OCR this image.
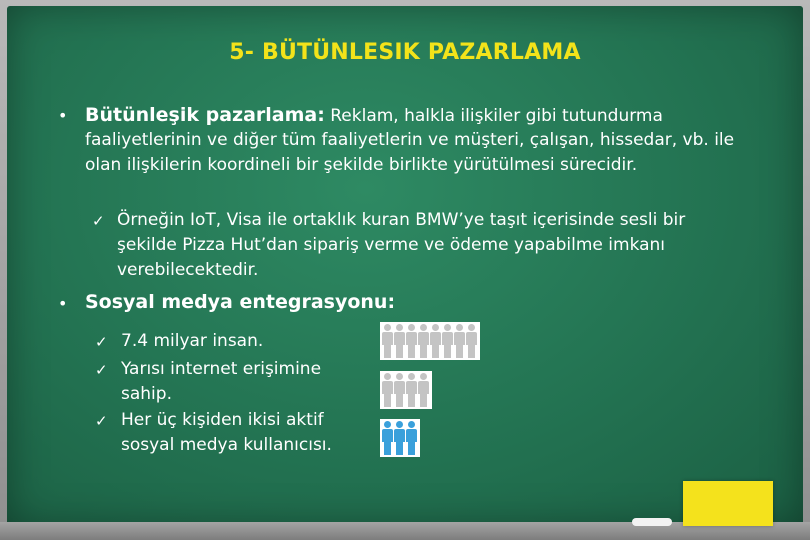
5- BÜTÜNLESIK PAZARLAMA
• Bütünleşik pazarlama: Reklam, halkla ilişkiler gibi tutundurma
faaliyetlerinin ve diğer tüm faaliyetlerin ve müşteri, çalışan, hissedar, vb. ile olan ilişkilerin koordineli bir şekilde birlikte yürütülmesi sürecidir.
✓ Örneğin IoT, Visa ile ortaklık kuran BMW’ye taşıt içerisinde sesli bir şekilde Pizza Hut’dan sipariş verme ve ödeme yapabilme imkanı verebilecektedir.
• Sosyal medya entegrasyonu:
✓ 7.4 milyar insan.
✓ Yarısı internet erişimine sahip.
✓ Her üç kişiden ikisi aktif sosyal medya kullanıcısı.
